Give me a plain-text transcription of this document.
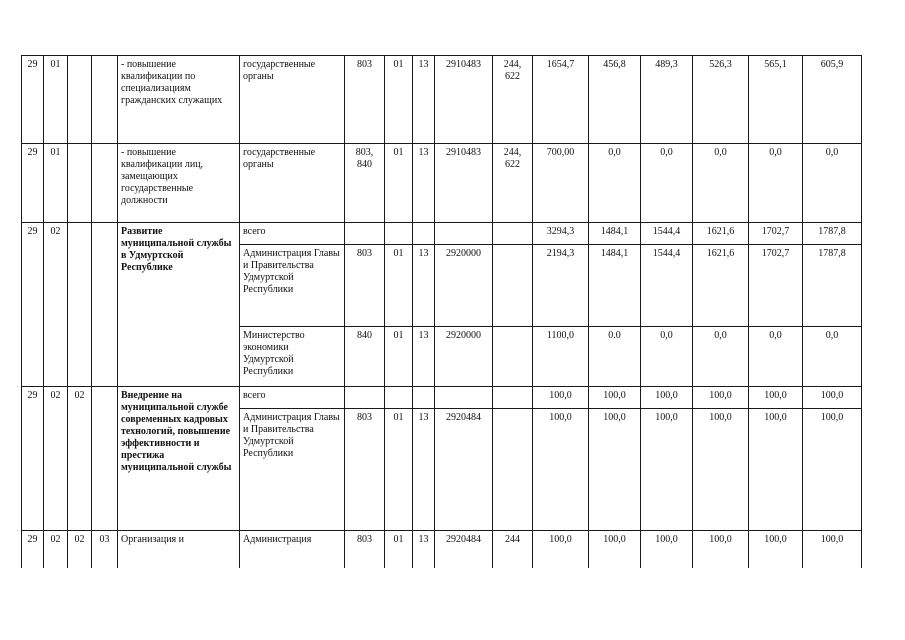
29	01			- повышение квалификации по специализациям гражданских служащих	государственные органы	803	01	13	2910483	244, 622	1654,7	456,8	489,3	526,3	565,1	605,9
29	01			- повышение квалификации лиц, замещающих государственные должности	государственные органы	803, 840	01	13	2910483	244, 622	700,00	0,0	0,0	0,0	0,0	0,0
29	02			Развитие муниципальной службы в Удмуртской Республике	всего						3294,3	1484,1	1544,4	1621,6	1702,7	1787,8
					Администрация Главы и Правительства Удмуртской Республики	803	01	13	2920000		2194,3	1484,1	1544,4	1621,6	1702,7	1787,8
					Министерство экономики Удмуртской Республики	840	01	13	2920000		1100,0	0.0	0,0	0,0	0,0	0,0
29	02	02		Внедрение на муниципальной службе современных кадровых технологий, повышение эффективности и престижа муниципальной службы	всего						100,0	100,0	100,0	100,0	100,0	100,0
					Администрация Главы и Правительства Удмуртской Республики	803	01	13	2920484		100,0	100,0	100,0	100,0	100,0	100,0
29	02	02	03	Организация и	Администрация	803	01	13	2920484	244	100,0	100,0	100,0	100,0	100,0	100,0
